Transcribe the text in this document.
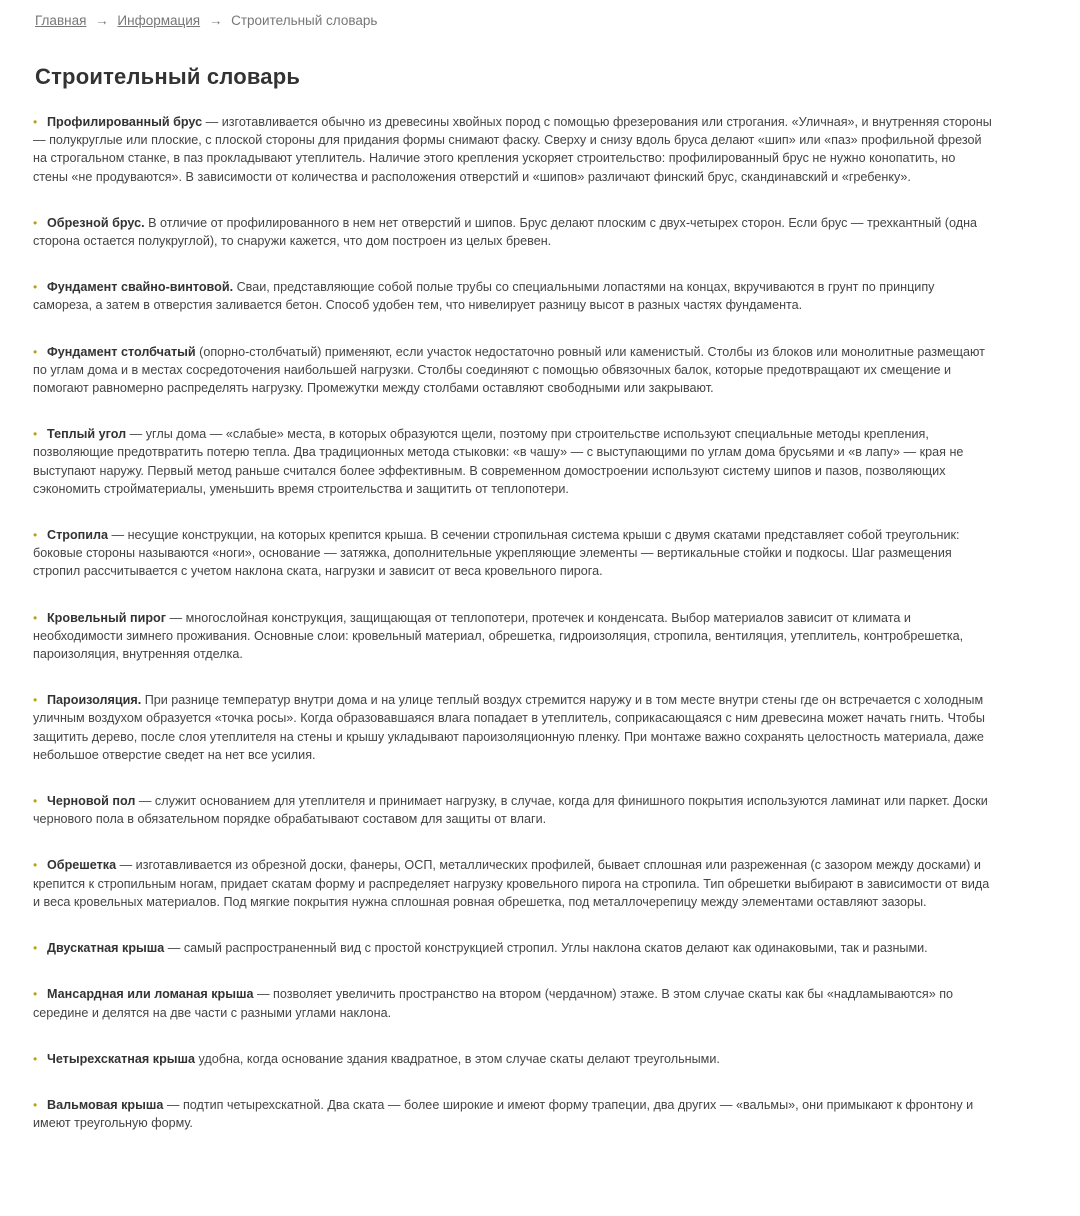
Главная → Информация → Строительный словарь
Строительный словарь
• Профилированный брус — изготавливается обычно из древесины хвойных пород с помощью фрезерования или строгания. «Уличная», и внутренняя стороны — полукруглые или плоские, с плоской стороны для придания формы снимают фаску. Сверху и снизу вдоль бруса делают «шип» или «паз» профильной фрезой на строгальном станке, в паз прокладывают утеплитель. Наличие этого крепления ускоряет строительство: профилированный брус не нужно конопатить, но стены «не продуваются». В зависимости от количества и расположения отверстий и «шипов» различают финский брус, скандинавский и «гребенку».
• Обрезной брус. В отличие от профилированного в нем нет отверстий и шипов. Брус делают плоским с двух-четырех сторон. Если брус — трехкантный (одна сторона остается полукруглой), то снаружи кажется, что дом построен из целых бревен.
• Фундамент свайно-винтовой. Сваи, представляющие собой полые трубы со специальными лопастями на концах, вкручиваются в грунт по принципу самореза, а затем в отверстия заливается бетон. Способ удобен тем, что нивелирует разницу высот в разных частях фундамента.
• Фундамент столбчатый (опорно-столбчатый) применяют, если участок недостаточно ровный или каменистый. Столбы из блоков или монолитные размещают по углам дома и в местах сосредоточения наибольшей нагрузки. Столбы соединяют с помощью обвязочных балок, которые предотвращают их смещение и помогают равномерно распределять нагрузку. Промежутки между столбами оставляют свободными или закрывают.
• Теплый угол — углы дома — «слабые» места, в которых образуются щели, поэтому при строительстве используют специальные методы крепления, позволяющие предотвратить потерю тепла. Два традиционных метода стыковки: «в чашу» — с выступающими по углам дома брусьями и «в лапу» — края не выступают наружу. Первый метод раньше считался более эффективным. В современном домостроении используют систему шипов и пазов, позволяющих сэкономить стройматериалы, уменьшить время строительства и защитить от теплопотери.
• Стропила — несущие конструкции, на которых крепится крыша. В сечении стропильная система крыши с двумя скатами представляет собой треугольник: боковые стороны называются «ноги», основание — затяжка, дополнительные укрепляющие элементы — вертикальные стойки и подкосы. Шаг размещения стропил рассчитывается с учетом наклона ската, нагрузки и зависит от веса кровельного пирога.
• Кровельный пирог — многослойная конструкция, защищающая от теплопотери, протечек и конденсата. Выбор материалов зависит от климата и необходимости зимнего проживания. Основные слои: кровельный материал, обрешетка, гидроизоляция, стропила, вентиляция, утеплитель, контробрешетка, пароизоляция, внутренняя отделка.
• Пароизоляция. При разнице температур внутри дома и на улице теплый воздух стремится наружу и в том месте внутри стены где он встречается с холодным уличным воздухом образуется «точка росы». Когда образовавшаяся влага попадает в утеплитель, соприкасающаяся с ним древесина может начать гнить. Чтобы защитить дерево, после слоя утеплителя на стены и крышу укладывают пароизоляционную пленку. При монтаже важно сохранять целостность материала, даже небольшое отверстие сведет на нет все усилия.
• Черновой пол — служит основанием для утеплителя и принимает нагрузку, в случае, когда для финишного покрытия используются ламинат или паркет. Доски чернового пола в обязательном порядке обрабатывают составом для защиты от влаги.
• Обрешетка — изготавливается из обрезной доски, фанеры, ОСП, металлических профилей, бывает сплошная или разреженная (с зазором между досками) и крепится к стропильным ногам, придает скатам форму и распределяет нагрузку кровельного пирога на стропила. Тип обрешетки выбирают в зависимости от вида и веса кровельных материалов. Под мягкие покрытия нужна сплошная ровная обрешетка, под металлочерепицу между элементами оставляют зазоры.
• Двускатная крыша — самый распространенный вид с простой конструкцией стропил. Углы наклона скатов делают как одинаковыми, так и разными.
• Мансардная или ломаная крыша — позволяет увеличить пространство на втором (чердачном) этаже. В этом случае скаты как бы «надламываются» по середине и делятся на две части с разными углами наклона.
• Четырехскатная крыша удобна, когда основание здания квадратное, в этом случае скаты делают треугольными.
• Вальмовая крыша — подтип четырехскатной. Два ската — более широкие и имеют форму трапеции, два других — «вальмы», они примыкают к фронтону и имеют треугольную форму.
